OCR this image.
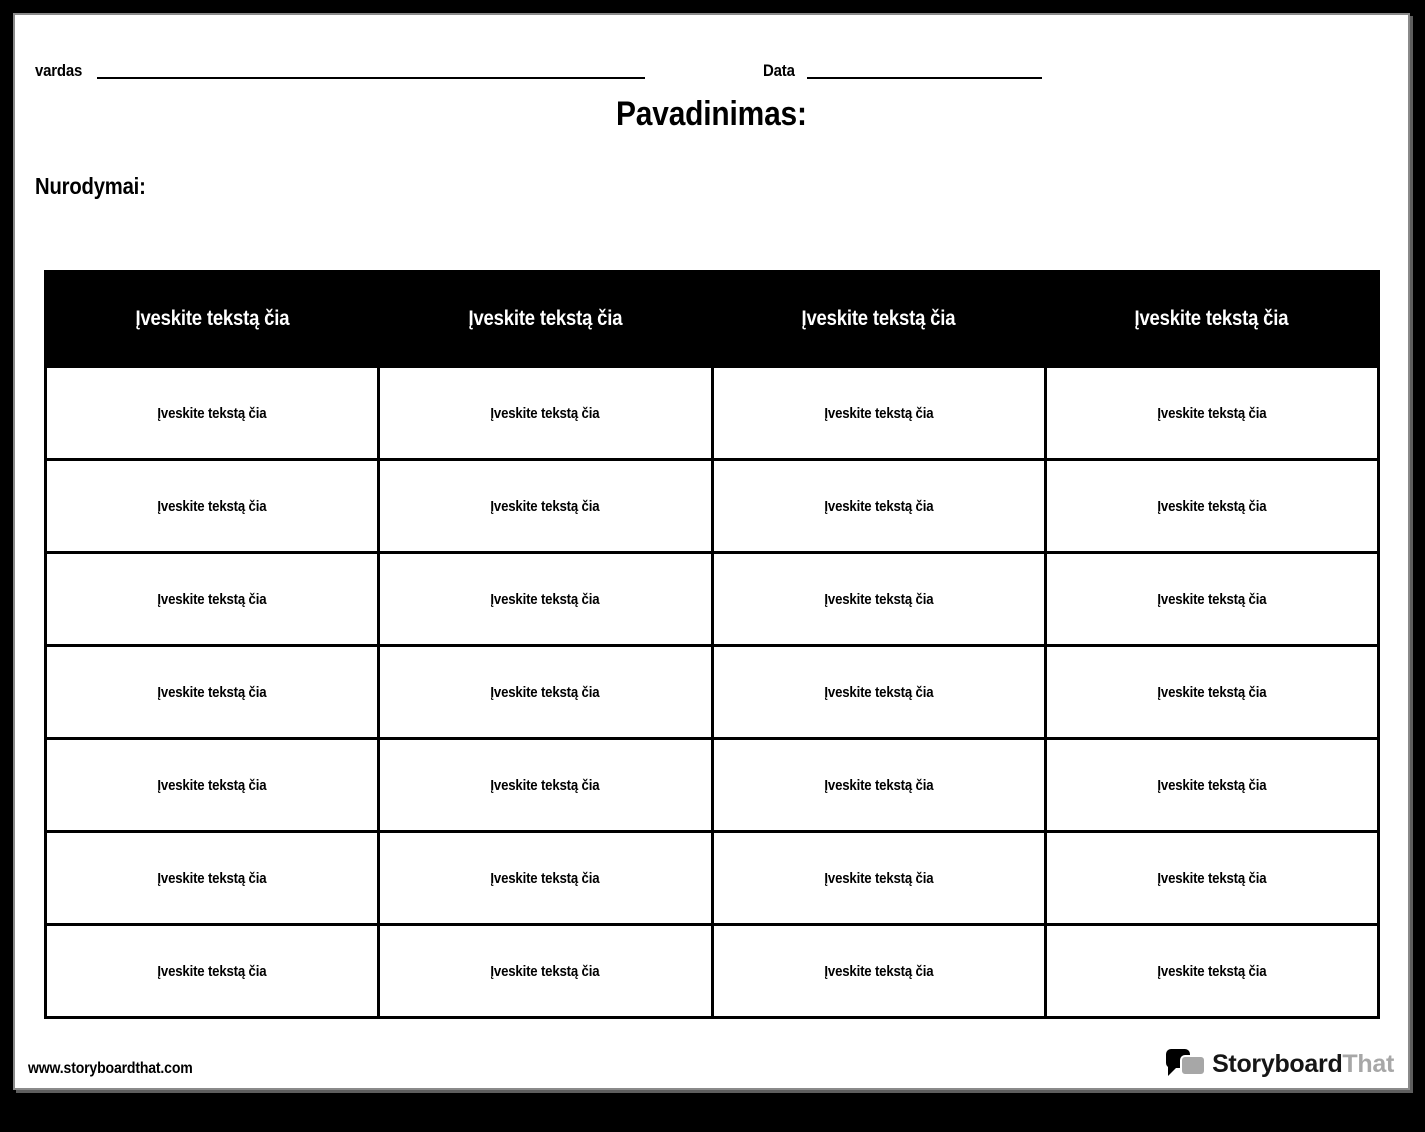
vardas	Data
Pavadinimas:
Nurodymai:
Įveskite tekstą čia	Įveskite tekstą čia	Įveskite tekstą čia	Įveskite tekstą čia
Įveskite tekstą čia	Įveskite tekstą čia	Įveskite tekstą čia	Įveskite tekstą čia
Įveskite tekstą čia	Įveskite tekstą čia	Įveskite tekstą čia	Įveskite tekstą čia
Įveskite tekstą čia	Įveskite tekstą čia	Įveskite tekstą čia	Įveskite tekstą čia
Įveskite tekstą čia	Įveskite tekstą čia	Įveskite tekstą čia	Įveskite tekstą čia
Įveskite tekstą čia	Įveskite tekstą čia	Įveskite tekstą čia	Įveskite tekstą čia
Įveskite tekstą čia	Įveskite tekstą čia	Įveskite tekstą čia	Įveskite tekstą čia
Įveskite tekstą čia	Įveskite tekstą čia	Įveskite tekstą čia	Įveskite tekstą čia
www.storyboardthat.com	StoryboardThat
